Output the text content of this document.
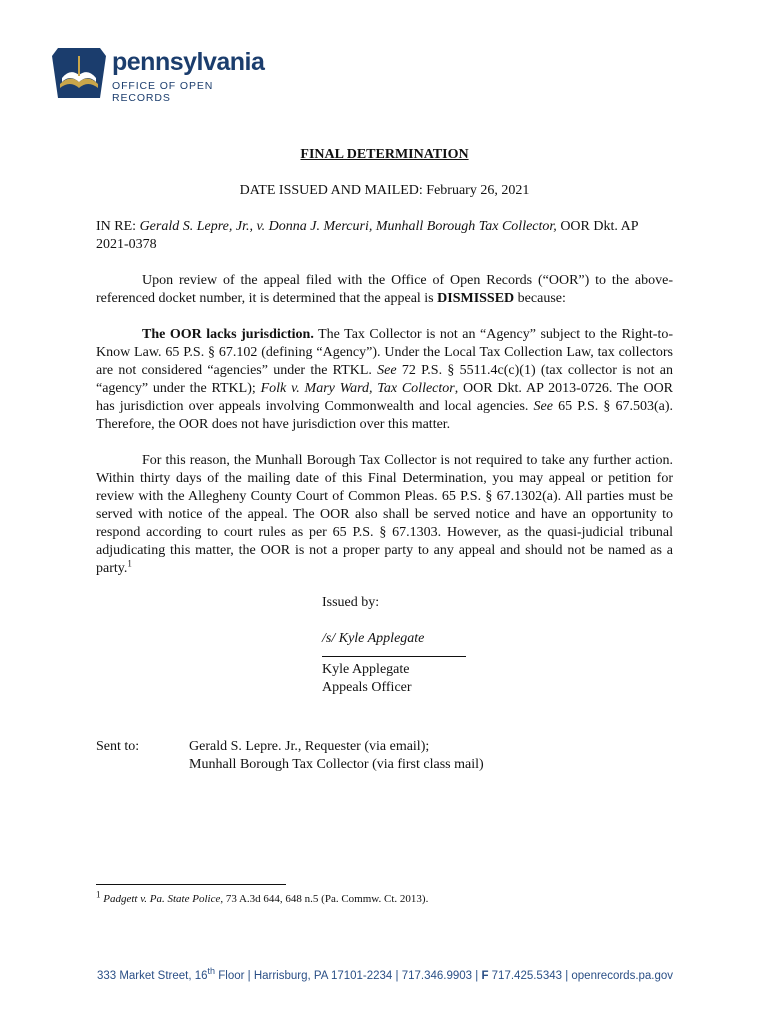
pennsylvania
OFFICE OF OPEN RECORDS
FINAL DETERMINATION
DATE ISSUED AND MAILED: February 26, 2021
IN RE: Gerald S. Lepre, Jr., v. Donna J. Mercuri, Munhall Borough Tax Collector, OOR Dkt. AP 2021-0378
Upon review of the appeal filed with the Office of Open Records (“OOR”) to the above-referenced docket number, it is determined that the appeal is DISMISSED because:
The OOR lacks jurisdiction. The Tax Collector is not an “Agency” subject to the Right-to-Know Law. 65 P.S. § 67.102 (defining “Agency”). Under the Local Tax Collection Law, tax collectors are not considered “agencies” under the RTKL. See 72 P.S. § 5511.4c(c)(1) (tax collector is not an “agency” under the RTKL); Folk v. Mary Ward, Tax Collector, OOR Dkt. AP 2013-0726. The OOR has jurisdiction over appeals involving Commonwealth and local agencies. See 65 P.S. § 67.503(a). Therefore, the OOR does not have jurisdiction over this matter.
For this reason, the Munhall Borough Tax Collector is not required to take any further action. Within thirty days of the mailing date of this Final Determination, you may appeal or petition for review with the Allegheny County Court of Common Pleas. 65 P.S. § 67.1302(a). All parties must be served with notice of the appeal. The OOR also shall be served notice and have an opportunity to respond according to court rules as per 65 P.S. § 67.1303. However, as the quasi-judicial tribunal adjudicating this matter, the OOR is not a proper party to any appeal and should not be named as a party.$^1$
Issued by:
/s/ Kyle Applegate
Kyle Applegate
Appeals Officer
Sent to:	Gerald S. Lepre. Jr., Requester (via email);
Munhall Borough Tax Collector (via first class mail)
$^1$ Padgett v. Pa. State Police, 73 A.3d 644, 648 n.5 (Pa. Commw. Ct. 2013).
333 Market Street, 16th Floor | Harrisburg, PA 17101-2234 | 717.346.9903 | F 717.425.5343 | openrecords.pa.gov
